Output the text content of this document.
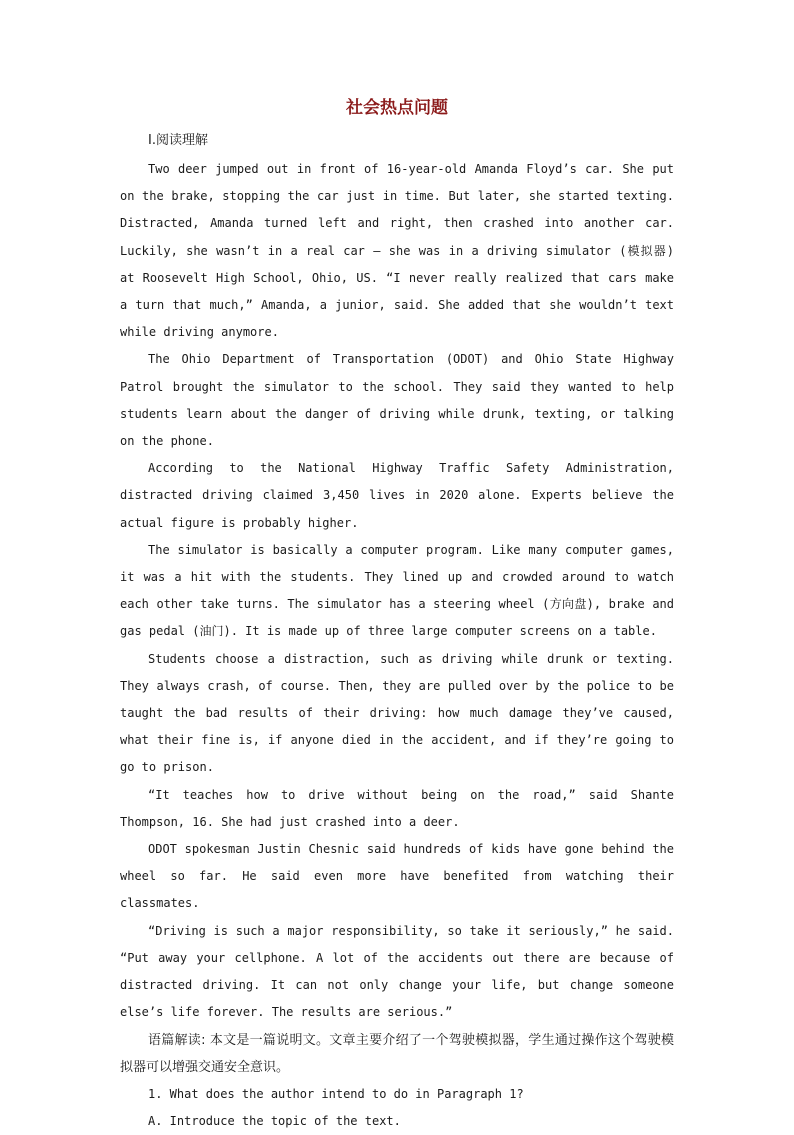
社会热点问题
Ⅰ.阅读理解

Two deer jumped out in front of 16-year-old Amanda Floyd’s car. She put on the brake, stopping the car just in time. But later, she started texting. Distracted, Amanda turned left and right, then crashed into another car. Luckily, she wasn’t in a real car — she was in a driving simulator (模拟器) at Roosevelt High School, Ohio, US. “I never really realized that cars make a turn that much,” Amanda, a junior, said. She added that she wouldn’t text while driving anymore.

The Ohio Department of Transportation (ODOT) and Ohio State Highway Patrol brought the simulator to the school. They said they wanted to help students learn about the danger of driving while drunk, texting, or talking on the phone.

According to the National Highway Traffic Safety Administration, distracted driving claimed 3,450 lives in 2020 alone. Experts believe the actual figure is probably higher.

The simulator is basically a computer program. Like many computer games, it was a hit with the students. They lined up and crowded around to watch each other take turns. The simulator has a steering wheel (方向盘), brake and gas pedal (油门). It is made up of three large computer screens on a table.

Students choose a distraction, such as driving while drunk or texting. They always crash, of course. Then, they are pulled over by the police to be taught the bad results of their driving: how much damage they’ve caused, what their fine is, if anyone died in the accident, and if they’re going to go to prison.

“It teaches how to drive without being on the road,” said Shante Thompson, 16. She had just crashed into a deer.

ODOT spokesman Justin Chesnic said hundreds of kids have gone behind the wheel so far. He said even more have benefited from watching their classmates.

“Driving is such a major responsibility, so take it seriously,” he said. “Put away your cellphone. A lot of the accidents out there are because of distracted driving. It can not only change your life, but change someone else’s life forever. The results are serious.”

语篇解读: 本文是一篇说明文。文章主要介绍了一个驾驶模拟器，学生通过操作这个驾驶模拟器可以增强交通安全意识。

1. What does the author intend to do in Paragraph 1?

A. Introduce the topic of the text.
